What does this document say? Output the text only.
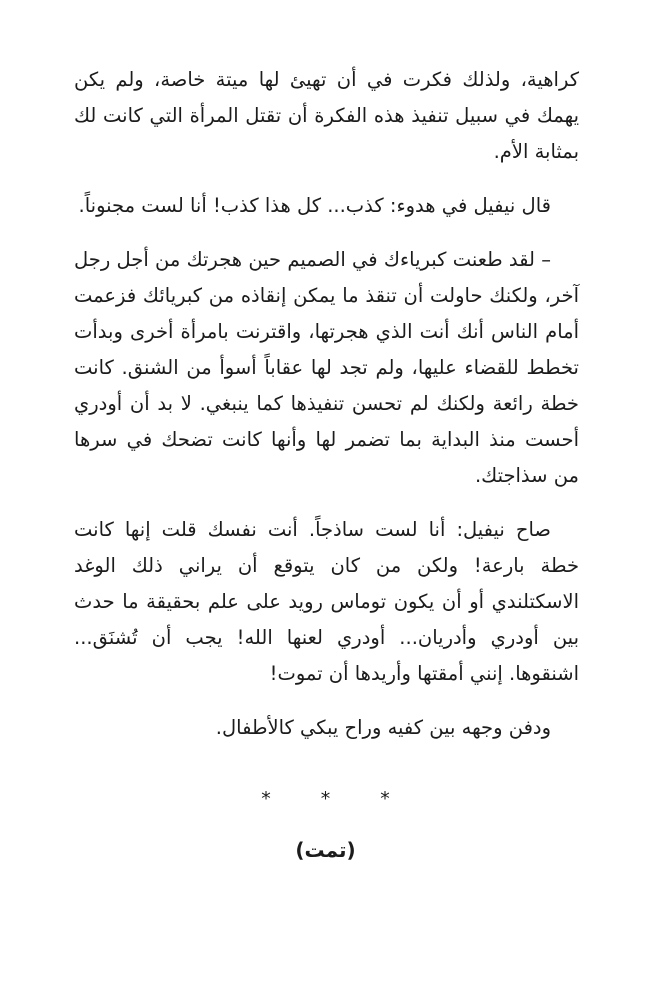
كراهية، ولذلك فكرت في أن تهيئ لها ميتة خاصة، ولم يكن يهمك في سبيل تنفيذ هذه الفكرة أن تقتل المرأة التي كانت لك بمثابة الأم.

قال نيفيل في هدوء: كذب... كل هذا كذب! أنا لست مجنوناً.

– لقد طعنت كبرياءك في الصميم حين هجرتك من أجل رجل آخر، ولكنك حاولت أن تنقذ ما يمكن إنقاذه من كبريائك فزعمت أمام الناس أنك أنت الذي هجرتها، واقترنت بامرأة أخرى وبدأت تخطط للقضاء عليها، ولم تجد لها عقاباً أسوأ من الشنق. كانت خطة رائعة ولكنك لم تحسن تنفيذها كما ينبغي. لا بد أن أودري أحست منذ البداية بما تضمر لها وأنها كانت تضحك في سرها من سذاجتك.

صاح نيفيل: أنا لست ساذجاً. أنت نفسك قلت إنها كانت خطة بارعة! ولكن من كان يتوقع أن يراني ذلك الوغد الاسكتلندي أو أن يكون توماس رويد على علم بحقيقة ما حدث بين أودري وأدريان... أودري لعنها الله! يجب أن تُشنَق... اشنقوها. إنني أمقتها وأريدها أن تموت!

ودفن وجهه بين كفيه وراح يبكي كالأطفال.

* * *
(تمت)
